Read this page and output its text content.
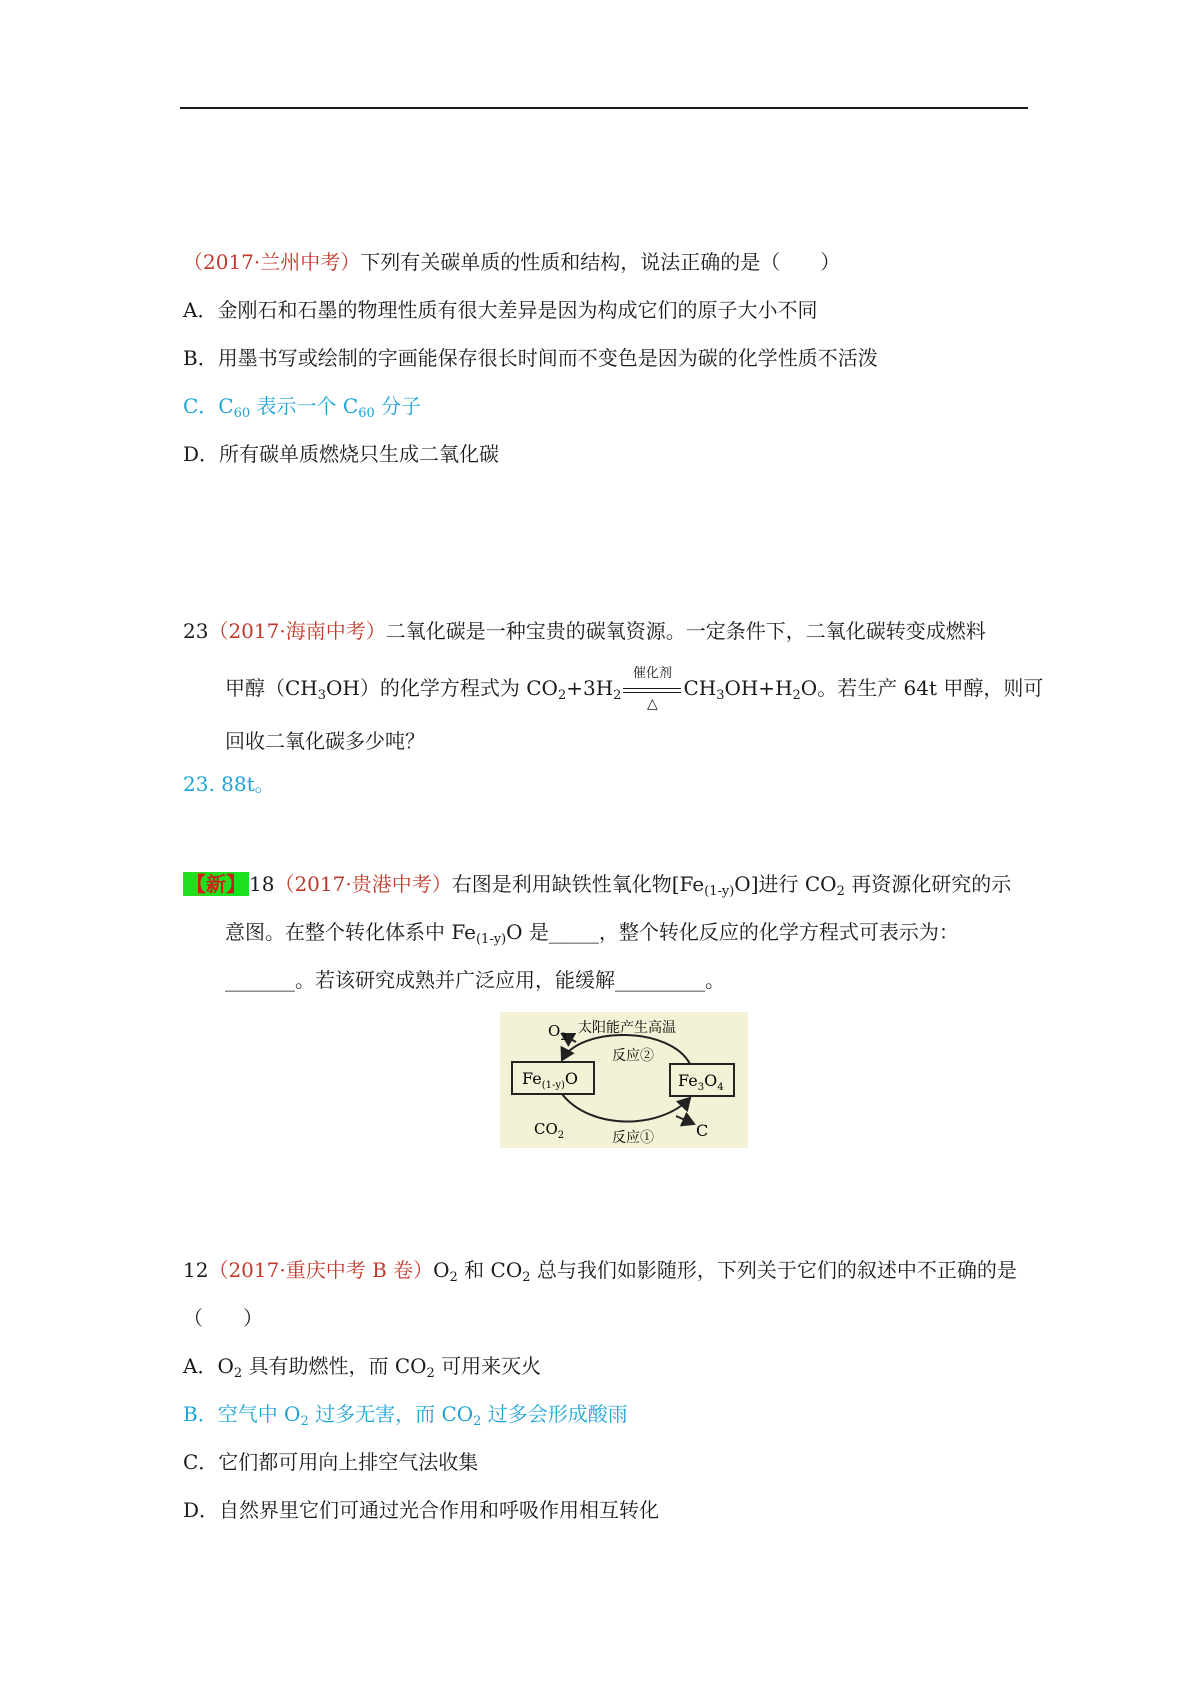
（2017·兰州中考）下列有关碳单质的性质和结构，说法正确的是（　　）
A．金刚石和石墨的物理性质有很大差异是因为构成它们的原子大小不同
B．用墨书写或绘制的字画能保存很长时间而不变色是因为碳的化学性质不活泼
C．$C_{60}$ 表示一个 $C_{60}$ 分子
D．所有碳单质燃烧只生成二氧化碳
23（2017·海南中考）二氧化碳是一种宝贵的碳氧资源。一定条件下，二氧化碳转变成燃料
甲醇$(CH_3OH)$的化学方程式为 $CO_2+3H_2$
催化剂
△
$CH_3OH+H_2O$。若生产 64t 甲醇，则可
回收二氧化碳多少吨？
23. 88t。
【新】 18（2017·贵港中考）右图是利用缺铁性氧化物$[Fe_{(1-y)}O]$进行 $CO_2$ 再资源化研究的示
意图。在整个转化体系中 $Fe_{(1-y)}O$ 是_____，整个转化反应的化学方程式可表示为：
_______。若该研究成熟并广泛应用，能缓解_________。
$O_2$
太阳能产生高温
反应②
$Fe_{(1-y)}O$	$Fe_3O_4$
$CO_2$	反应①	C
12（2017·重庆中考 B 卷）$O_2$ 和 $CO_2$ 总与我们如影随形，下列关于它们的叙述中不正确的是
（　　）
A．$O_2$ 具有助燃性，而 $CO_2$ 可用来灭火
B．空气中 $O_2$ 过多无害，而 $CO_2$ 过多会形成酸雨
C．它们都可用向上排空气法收集
D．自然界里它们可通过光合作用和呼吸作用相互转化
